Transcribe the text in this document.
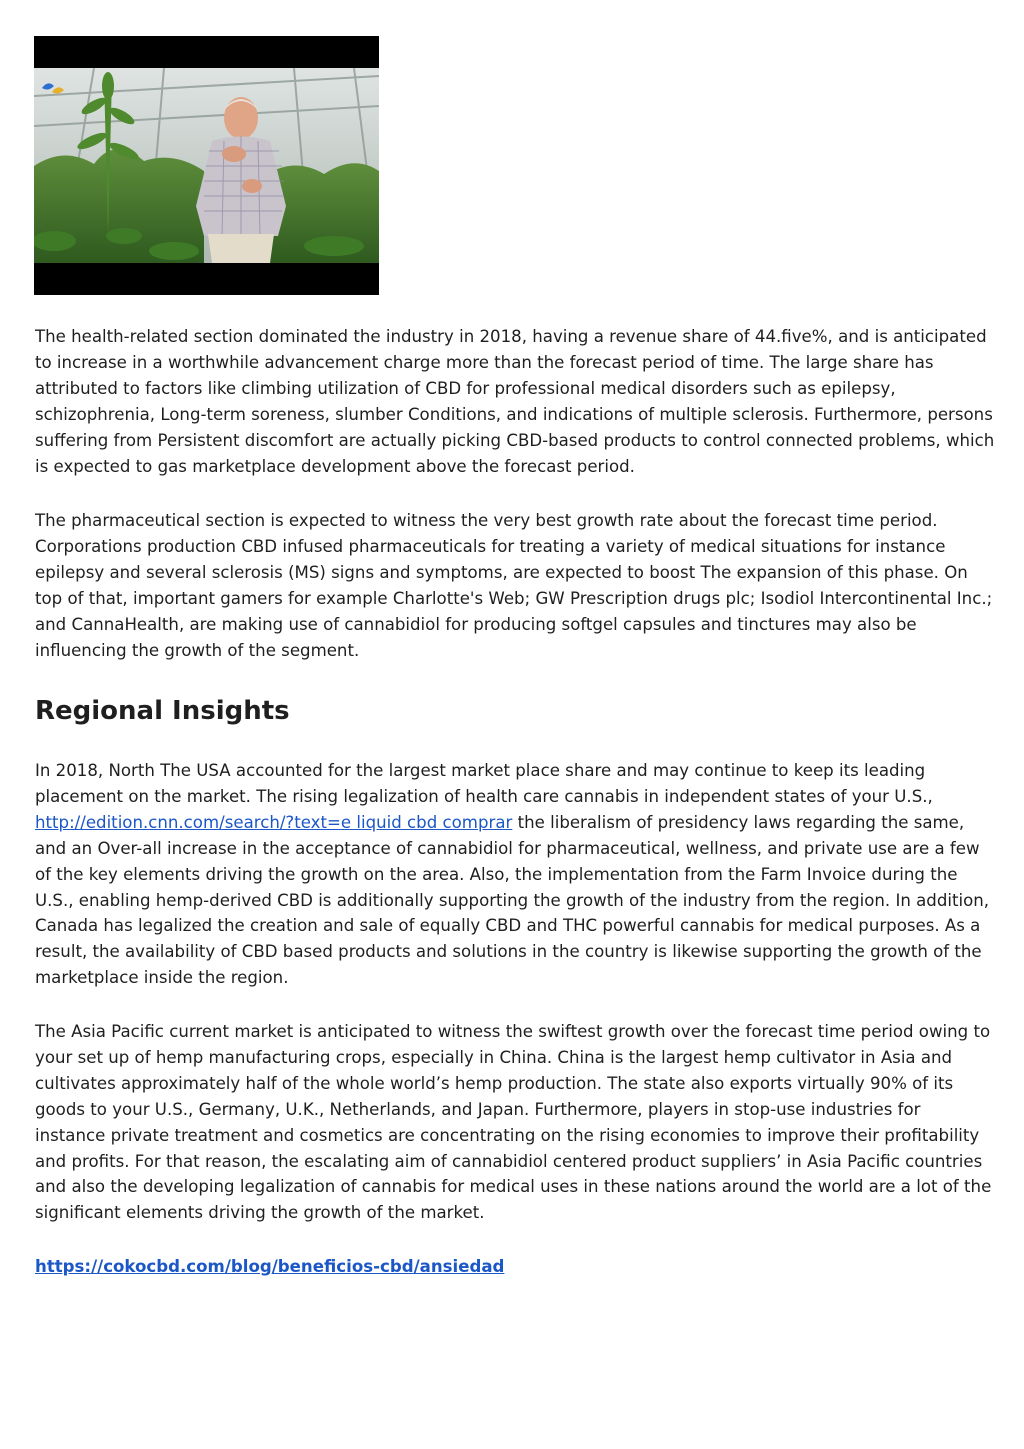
The health-related section dominated the industry in 2018, having a revenue share of 44.five%, and is anticipated to increase in a worthwhile advancement charge more than the forecast period of time. The large share has attributed to factors like climbing utilization of CBD for professional medical disorders such as epilepsy, schizophrenia, Long-term soreness, slumber Conditions, and indications of multiple sclerosis. Furthermore, persons suffering from Persistent discomfort are actually picking CBD-based products to control connected problems, which is expected to gas marketplace development above the forecast period.

The pharmaceutical section is expected to witness the very best growth rate about the forecast time period. Corporations production CBD infused pharmaceuticals for treating a variety of medical situations for instance epilepsy and several sclerosis (MS) signs and symptoms, are expected to boost The expansion of this phase. On top of that, important gamers for example Charlotte's Web; GW Prescription drugs plc; Isodiol Intercontinental Inc.; and CannaHealth, are making use of cannabidiol for producing softgel capsules and tinctures may also be influencing the growth of the segment.

Regional Insights

In 2018, North The USA accounted for the largest market place share and may continue to keep its leading placement on the market. The rising legalization of health care cannabis in independent states of your U.S., http://edition.cnn.com/search/?text=e liquid cbd comprar the liberalism of presidency laws regarding the same, and an Over-all increase in the acceptance of cannabidiol for pharmaceutical, wellness, and private use are a few of the key elements driving the growth on the area. Also, the implementation from the Farm Invoice during the U.S., enabling hemp-derived CBD is additionally supporting the growth of the industry from the region. In addition, Canada has legalized the creation and sale of equally CBD and THC powerful cannabis for medical purposes. As a result, the availability of CBD based products and solutions in the country is likewise supporting the growth of the marketplace inside the region.

The Asia Pacific current market is anticipated to witness the swiftest growth over the forecast time period owing to your set up of hemp manufacturing crops, especially in China. China is the largest hemp cultivator in Asia and cultivates approximately half of the whole world’s hemp production. The state also exports virtually 90% of its goods to your U.S., Germany, U.K., Netherlands, and Japan. Furthermore, players in stop-use industries for instance private treatment and cosmetics are concentrating on the rising economies to improve their profitability and profits. For that reason, the escalating aim of cannabidiol centered product suppliers’ in Asia Pacific countries and also the developing legalization of cannabis for medical uses in these nations around the world are a lot of the significant elements driving the growth of the market.

https://cokocbd.com/blog/beneficios-cbd/ansiedad
